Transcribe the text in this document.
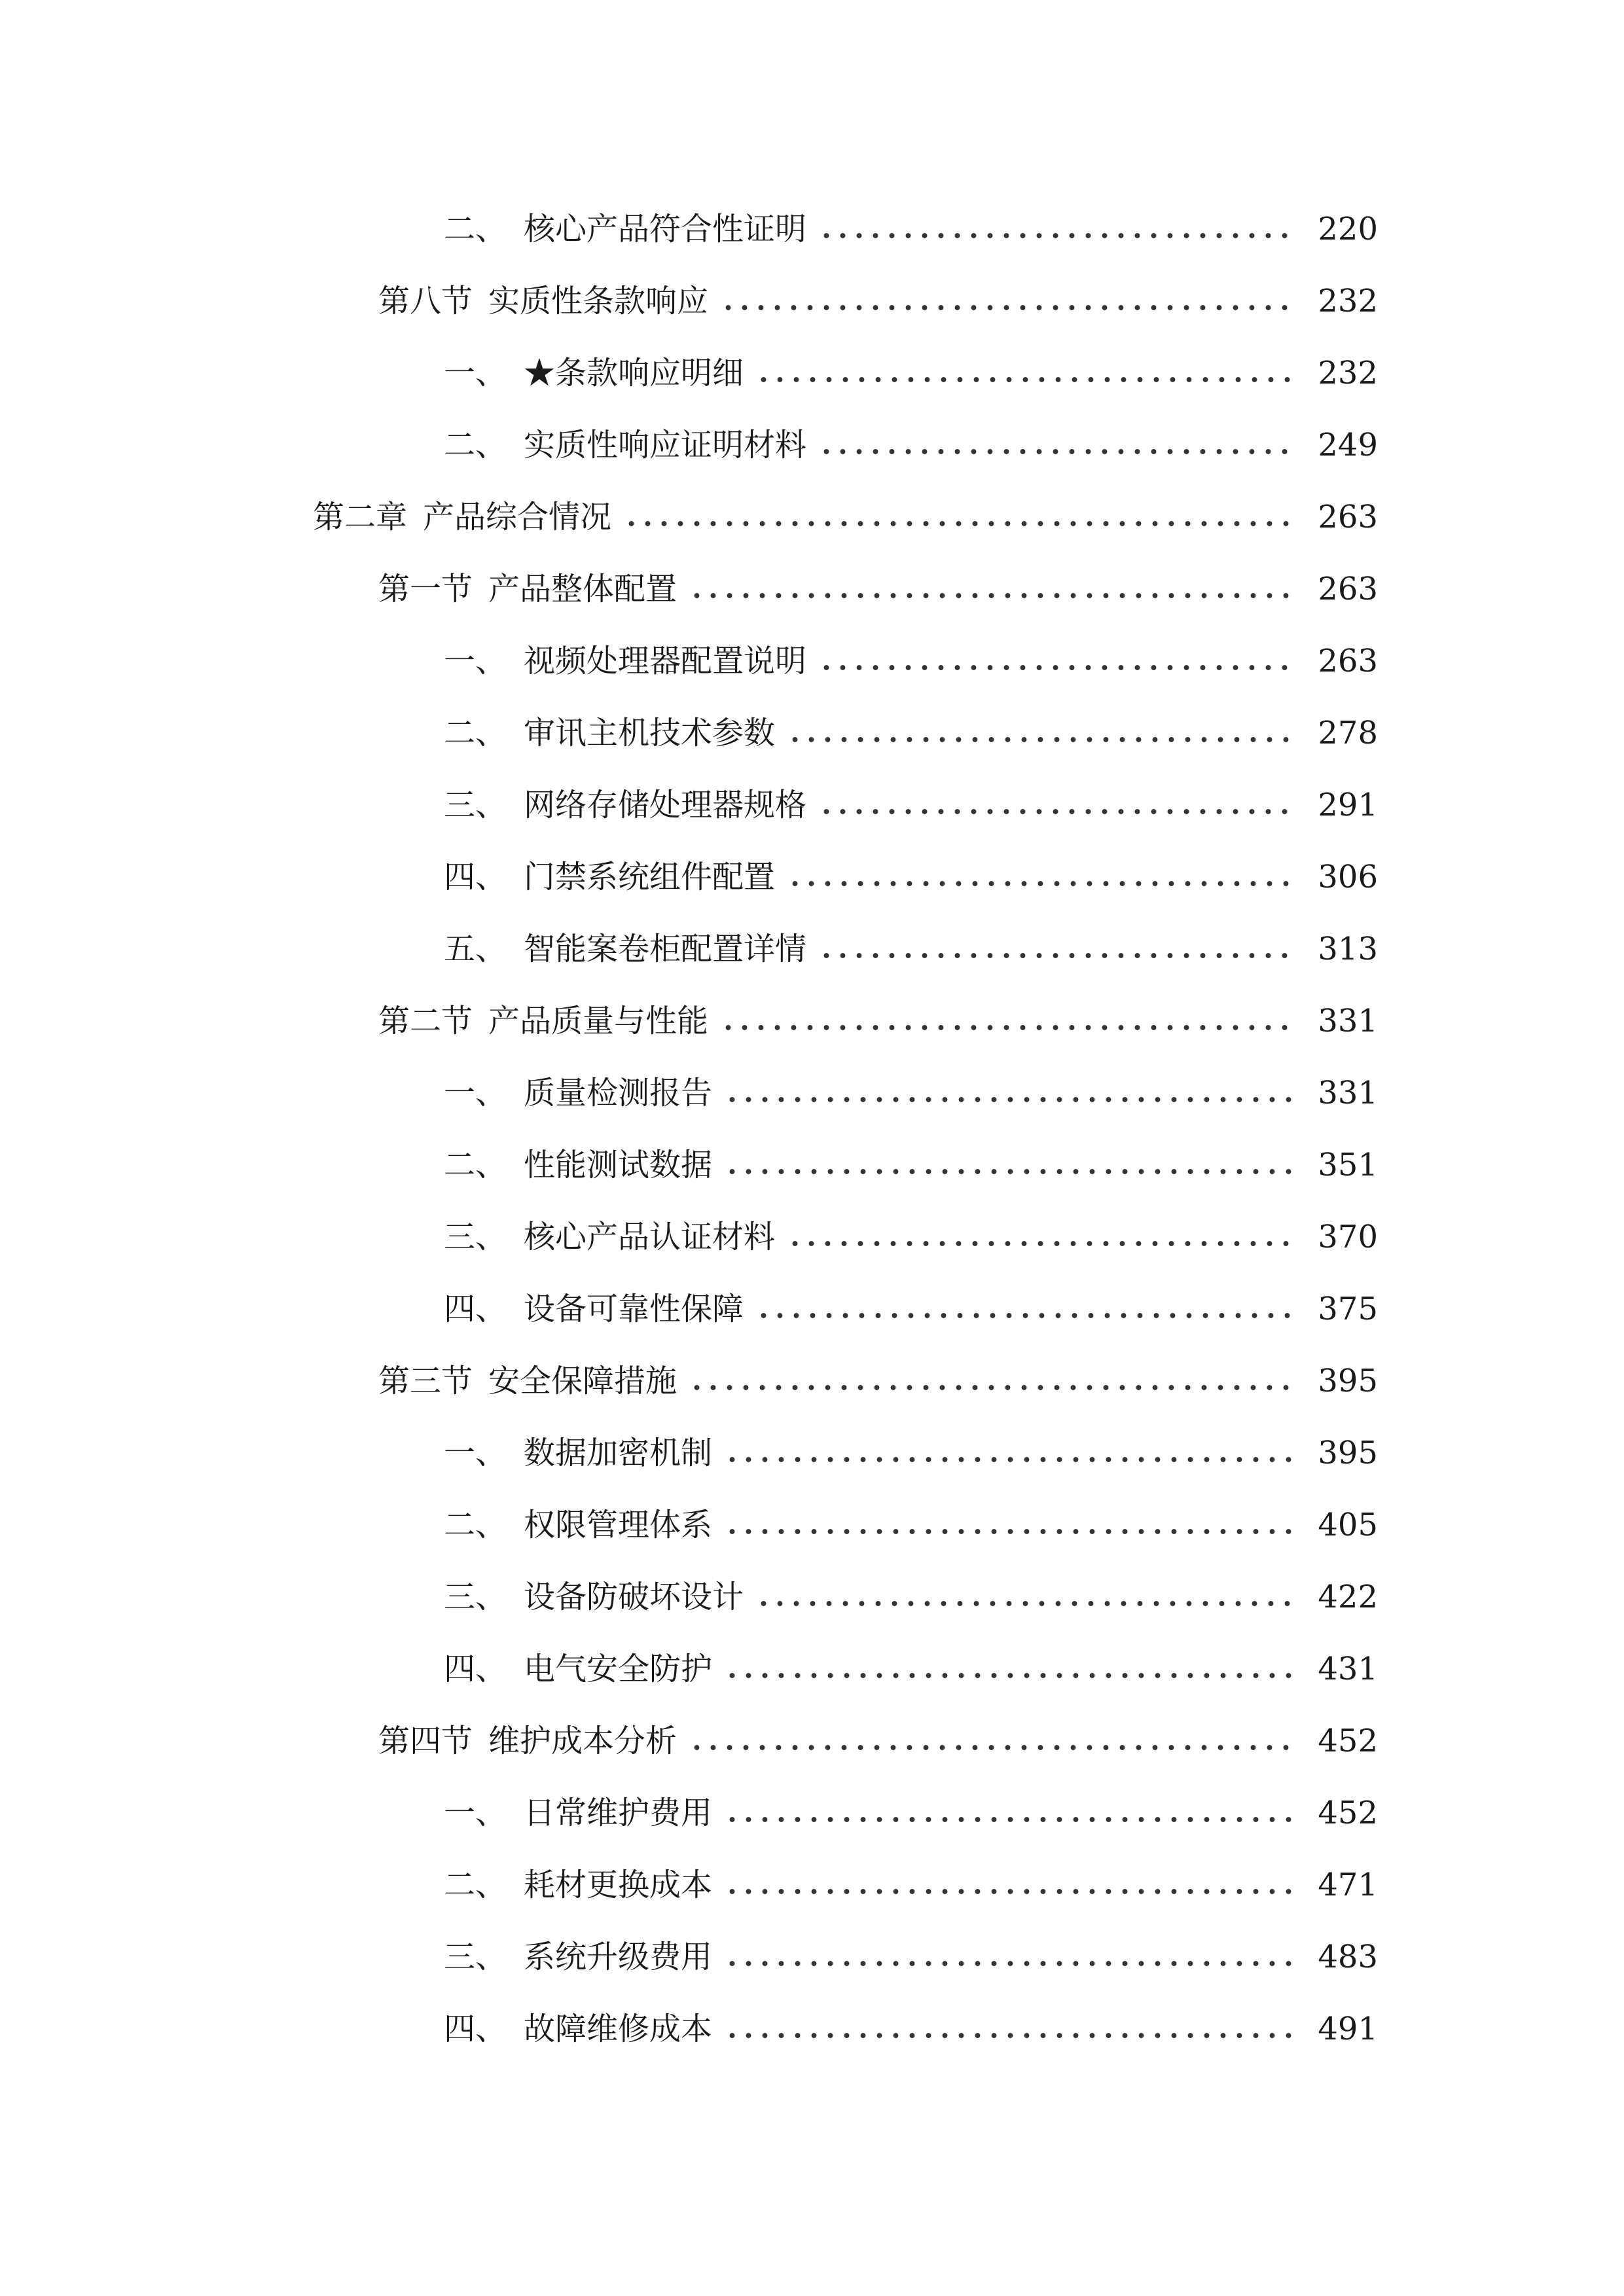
二、 核心产品符合性证明	220
第八节 实质性条款响应	232
一、 ★条款响应明细	232
二、 实质性响应证明材料	249
第二章 产品综合情况	263
第一节 产品整体配置	263
一、 视频处理器配置说明	263
二、 审讯主机技术参数	278
三、 网络存储处理器规格	291
四、 门禁系统组件配置	306
五、 智能案卷柜配置详情	313
第二节 产品质量与性能	331
一、 质量检测报告	331
二、 性能测试数据	351
三、 核心产品认证材料	370
四、 设备可靠性保障	375
第三节 安全保障措施	395
一、 数据加密机制	395
二、 权限管理体系	405
三、 设备防破坏设计	422
四、 电气安全防护	431
第四节 维护成本分析	452
一、 日常维护费用	452
二、 耗材更换成本	471
三、 系统升级费用	483
四、 故障维修成本	491
